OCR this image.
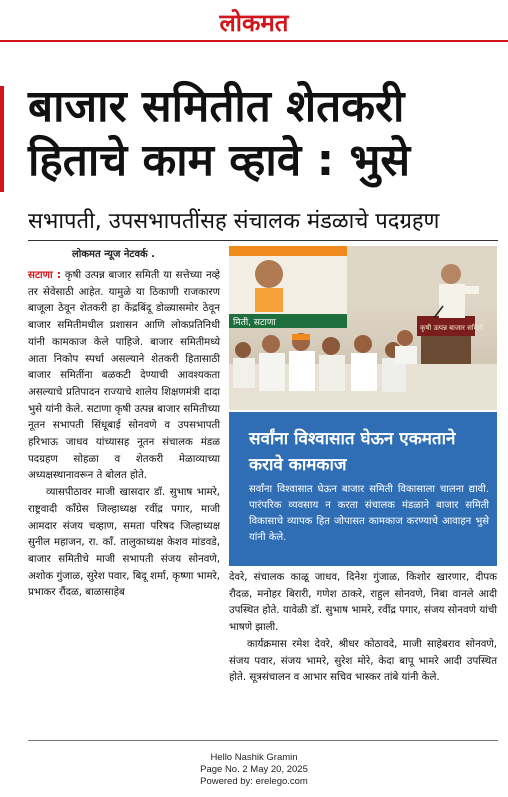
लोकमत
बाजार समितीत शेतकरी
हिताचे काम व्हावे : भुसे
सभापती, उपसभापतींसह संचालक मंडळाचे पदग्रहण
लोकमत न्यूज नेटवर्क .

सटाणा : कृषी उत्पन्न बाजार समिती या सत्तेच्या नव्हे तर सेवेसाठी आहेत. यामुळे या ठिकाणी राजकारण बाजूला ठेवून शेतकरी हा केंद्रबिंदू डोळ्यासमोर ठेवून बाजार समितीमधील प्रशासन आणि लोकप्रतिनिधी यांनी कामकाज केले पाहिजे. बाजार समितीमध्ये आता निकोप स्पर्धा असल्याने शेतकरी हितासाठी बाजार समितींना बळकटी देण्याची आवश्यकता असल्याचे प्रतिपादन राज्याचे शालेय शिक्षणमंत्री दादा भुसे यांनी केले. सटाणा कृषी उत्पन्न बाजार समितीच्या नूतन सभापती सिंधूबाई सोनवणे व उपसभापती हरिभाऊ जाधव यांच्यासह नूतन संचालक मंडळ पदग्रहण सोहळा व शेतकरी मेळाव्याच्या अध्यक्षस्थानावरून ते बोलत होते.

व्यासपीठावर माजी खासदार डॉ. सुभाष भामरे, राष्ट्रवादी काँग्रेस जिल्हाध्यक्ष रवींद्र पगार, माजी आमदार संजय चव्हाण, समता परिषद जिल्हाध्यक्ष सुनील महाजन, रा. काँ. तालुकाध्यक्ष केशव मांडवडे, बाजार समितीचे माजी सभापती संजय सोनवणे, अशोक गुंजाळ, सुरेश पवार, बिदू शर्मा, कृष्णा भामरे, प्रभाकर रौंदळ, बाळासाहेब

मिती, सटाणा	कृषी उत्पन्न बाजार समिती
सर्वांना विश्वासात घेऊन एकमताने करावे कामकाज
सर्वांना विश्वासात घेऊन बाजार समिती विकासाला चालना द्यावी. पारंपरिक व्यवसाय न करता संचालक मंडळाने बाजार समिती विकासाचे व्यापक हित जोपासत कामकाज करण्याचे आवाहन भुसे यांनी केले.

देवरे, संचालक काळू जाधव, दिनेश गुंजाळ, किशोर खारणार, दीपक रौदळ, मनोहर बिरारी, गणेश ठाकरे, राहुल सोनवणे, निबा वानले आदी उपस्थित होते. यावेळी डॉ. सुभाष भामरे, रवींद्र पगार, संजय सोनवणे यांची भाषणे झाली.

कार्यक्रमास रमेश देवरे, श्रीधर कोठावदे, माजी साहेबराव सोनवणे, संजय पवार, संजय भामरे, सुरेश मोरे, केदा बापू भामरे आदी उपस्थित होते. सूत्रसंचालन व आभार सचिव भास्कर तांबे यांनी केले.

Hello Nashik Gramin
Page No. 2 May 20, 2025
Powered by: erelego.com
